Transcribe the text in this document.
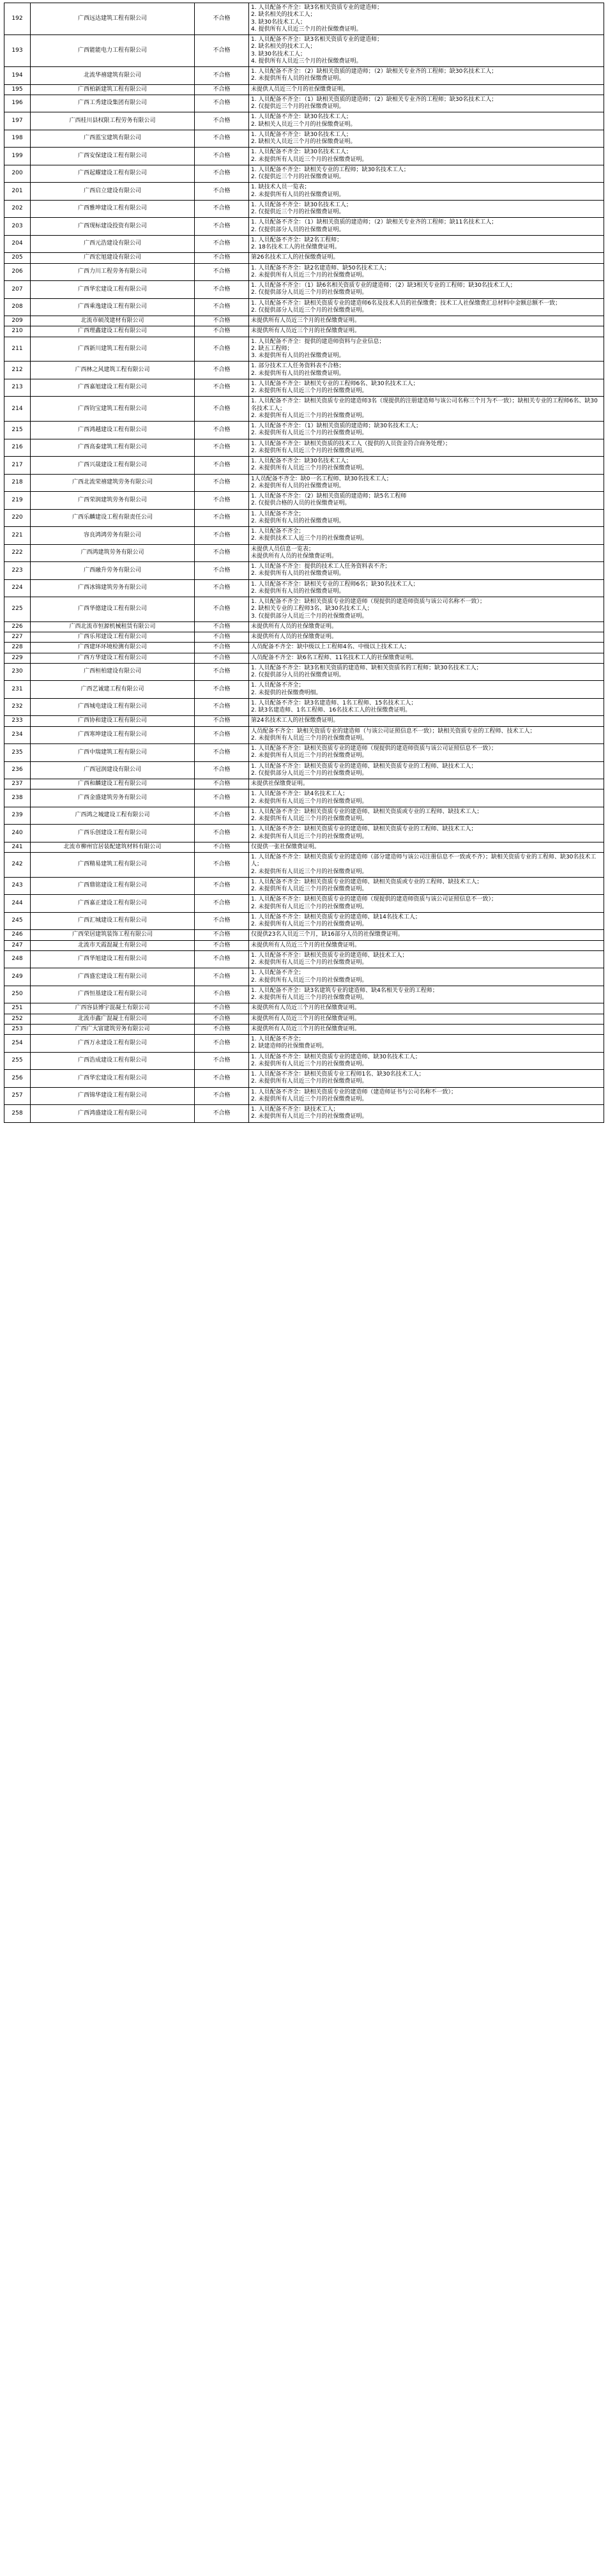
192	广西远达建筑工程有限公司	不合格	1. 人员配备不齐全：缺3名相关资质专业的建造师；
2. 缺名相关的技术工人；
3. 缺30名技术工人；
4. 提供所有人员近三个月的社保缴费证明。

193	广西能能电力工程有限公司	不合格	1. 人员配备不齐全：缺3名相关资质专业的建造师；
2. 缺名相关的技术工人；
3. 缺30名技术工人；
4. 提供所有人员近三个月的社保缴费证明。

194	北流华禧建筑有限公司	不合格	1. 人员配备不齐全：（2）缺相关资质的建造师；（2）缺相关专业齐的工程师；缺30名技术工人；
2. 未提供所有人员的社保缴费证明。

195	广西柏新建筑工程有限公司	不合格	未提供人员近三个月的社保缴费证明。

196	广西工秀建设集团有限公司	不合格	1. 人员配备不齐全：（1）缺相关资质的建造师；（2）缺相关专业齐的工程师；缺30名技术工人；
2. 仅提供近三个月的社保缴费证明。

197	广西桂川县权限工程劳务有限公司	不合格	1. 人员配备不齐全：缺30名技术工人；
2. 缺相关人员近三个月的社保缴费证明。

198	广西蓝宝建筑有限公司	不合格	1. 人员配备不齐全：缺30名技术工人；
2. 缺相关人员近三个月的社保缴费证明。

199	广西安保建设工程有限公司	不合格	1. 人员配备不齐全：缺30名技术工人；
2. 未提供所有人员近三个月的社保缴费证明。

200	广西起耀建设工程有限公司	不合格	1. 人员配备不齐全：缺相关专业的工程师；缺30名技术工人；
2. 仅提供近三个月的社保缴费证明。

201	广西启立建设有限公司	不合格	1. 缺技术人员一览表；
2. 未提供所有人员的社保缴费证明。

202	广西雅坤建设工程有限公司	不合格	1. 人员配备不齐全：缺30名技术工人；
2. 仅提供近三个月的社保缴费证明。

203	广西现标建设投资有限公司	不合格	1. 人员配备不齐全：（1）缺相关资质的建造师；（2）缺相关专业齐的工程师；缺11名技术工人；
2. 仅提供部分人员的社保缴费证明。

204	广西元浩建设有限公司	不合格	1. 人员配备不齐全：缺2名工程师；
2. 18名技术工人的社保缴费证明。

205	广西宏旭建设有限公司	不合格	第26名技术工人的社保缴费证明。

206	广西力川工程劳务有限公司	不合格	1. 人员配备不齐全：缺2名建造师、缺50名技术工人；
2. 未提供所有人员近三个月的社保缴费证明。

207	广西华宏建设工程有限公司	不合格	1. 人员配备不齐全：（1）缺6名相关资质专业的建造师；（2）缺3相关专业的工程师；缺30名技术工人；
2. 仅提供部分人员近三个月的社保缴费证明。

208	广西乘逸建设工程有限公司	不合格	1. 人员配备不齐全：缺相关资质专业的建造师6名及技术人员的社保缴费；技术工人社保缴费汇总材料中金额总额不一致；
2. 仅提供部分人员近三个月的社保缴费证明。

209	北流市硕茂建材有限公司	不合格	未提供所有人员近三个月的社保缴费证明。

210	广西理鑫建设工程有限公司	不合格	未提供所有人员近三个月的社保缴费证明。

211	广西新川建筑工程有限公司	不合格	1. 人员配备不齐全：提供的建造师资料与企业信息；
2. 缺五工程师；
3. 未提供所有人员的社保缴费证明。

212	广西林之风建筑工程有限公司	不合格	1. 部分技术工人任务资料表不合格；
2. 未提供所有人员的社保缴费证明。

213	广西嘉旭建设工程有限公司	不合格	1. 人员配备不齐全：缺相关专业的工程师6名、缺30名技术工人；
2. 未提供所有人员近三个月的社保缴费证明。

214	广西钧宝建筑工程有限公司	不合格	1. 人员配备不齐全：缺相关资质专业的建造师3名（现提供的注册建造师与该公司名称三个月为不一致）；缺相关专业的工程师6名、缺30名技术工人；
2. 未提供所有人员近三个月的社保缴费证明。

215	广西鸿越建设工程有限公司	不合格	1. 人员配备不齐全：（1）缺相关资质的建造师；缺30名技术工人；
2. 未提供所有人员近三个月的社保缴费证明。

216	广西高泰建筑工程有限公司	不合格	1. 人员配备不齐全：缺相关资质的技术工人（提供的人员资金符合商务处理）；
2. 未提供所有人员近三个月的社保缴费证明。

217	广西兴晟建设工程有限公司	不合格	1. 人员配备不齐全：缺30名技术工人；
2. 未提供所有人员近三个月的社保缴费证明。

218	广西北流荣禧建筑劳务有限公司	不合格	1人员配备不齐全：缺0一名工程师、缺30名技术工人；
2. 未提供所有人员的社保缴费证明。

219	广西荣润建筑劳务有限公司	不合格	1. 人员配备不齐全：（2）缺相关资质的建造师；缺5名工程师
2. 仅提供合格的人员的社保缴费证明。

220	广西乐麟建设工程有限责任公司	不合格	1. 人员配备不齐全；
2. 未提供所有人员的社保缴费证明。

221	容良鸿鸿劳务有限公司	不合格	1. 人员配备不齐全；
2. 未提供技术工人近三个月的社保缴费证明。

222	广西鸿建筑劳务有限公司	不合格	未提供人员信息一览表；
未提供所有人员的社保缴费证明。

223	广西融升劳务有限公司	不合格	1. 人员配备不齐全：提供的技术工人任务资料表不齐；
2. 未提供所有人员的社保缴费证明。

224	广西冰锦建筑劳务有限公司	不合格	1. 人员配备不齐全：缺相关专业的工程师6名；缺30名技术工人；
2. 未提供所有人员的社保缴费证明。

225	广西华德建设工程有限公司	不合格	1. 人员配备不齐全：缺相关资质专业的建造师（现提供的建造师资质与该公司名称不一致）；
2. 缺相关专业的工程师3名、缺30名技术工人；
3. 仅提供部分人员近三个月的社保缴费证明。

226	广西北流市恒源机械租赁有限公司	不合格	未提供所有人员的社保缴费证明。

227	广西乐邦建设工程有限公司	不合格	未提供所有人员的社保缴费证明。

228	广西建环环境检测有限公司	不合格	人员配备不齐全：缺中级以上工程师4名、中级以上技术工人；

229	广西方华建设工程有限公司	不合格	人员配备不齐全：缺6名工程师、11名技术工人的社保缴费证明。

230	广西桓柏建设有限公司	不合格	1. 人员配备不齐全：缺3名相关资质的建造师、缺相关资质名的工程师；缺30名技术工人；
2. 仅提供部分人员的社保缴费证明。

231	广西艺诚建工程有限公司	不合格	1. 人员配备不齐全；
2. 未提供的社保缴费明细。

232	广西城电建设工程有限公司	不合格	1. 人员配备不齐全：缺3名建造师、1名工程师、15名技术工人；
2. 缺3名建造师、1名工程师、16名技术工人的社保缴费证明。

233	广西协和建设工程有限公司	不合格	第24名技术工人的社保缴费证明。

234	广西寒坤建设工程有限公司	不合格	人员配备不齐全：缺相关资质专业的建造师（与该公司证照信息不一致）；缺相关资质专业的工程师、技术工人；
2. 未提供所有人员近三个月的社保缴费证明。

235	广西中瑞建筑工程有限公司	不合格	1. 人员配备不齐全：缺相关资质专业的建造师（现提供的建造师资质与该公司证照信息不一致）；
2. 未提供所有人员近三个月的社保缴费证明。

236	广西冠润建设有限公司	不合格	1. 人员配备不齐全：缺相关资质专业的建造师、缺相关资质专业的工程师、缺技术工人；
2. 仅提供部分人员近三个月的社保缴费证明。

237	广西和麟建设工程有限公司	不合格	未提供社保缴费证明。

238	广西金盛建筑劳务有限公司	不合格	1. 人员配备不齐全：缺4名技术工人；
2. 未提供所有人员近三个月的社保缴费证明。

239	广西鸿之城建设工程有限公司	不合格	1. 人员配备不齐全：缺相关资质专业的建造师、缺相关资质或专业的工程师、缺技术工人；
2. 未提供所有人员近三个月的社保缴费证明。

240	广西乐创建设工程有限公司	不合格	1. 人员配备不齐全：缺相关资质专业的建造师、缺相关资质专业的工程师、缺技术工人；
2. 未提供所有人员近三个月的社保缴费证明。

241	北流市柳州官居装配建筑材料有限公司	不合格	仅提供一张社保缴费证明。

242	广西精易建筑工程有限公司	不合格	1. 人员配备不齐全：缺相关资质专业的建造师（部分建造师与该公司注册信息不一致或不齐）；缺相关资质专业的工程师、缺30名技术工人；
2. 未提供所有人员近三个月的社保缴费证明。

243	广西鼎铭建设工程有限公司	不合格	1. 人员配备不齐全：缺相关资质专业的建造师、缺相关资质或专业的工程师、缺技术工人；
2. 未提供所有人员近三个月的社保缴费证明。

244	广西嘉正建设工程有限公司	不合格	1. 人员配备不齐全：缺相关资质专业的建造师（现提供的建造师资质与该公司证照信息不一致）；
2. 未提供所有人员近三个月的社保缴费证明。

245	广西汇城建设工程有限公司	不合格	1. 人员配备不齐全：缺相关资质专业的建造师、缺14名技术工人；
2. 未提供所有人员近三个月的社保缴费证明。

246	广西荣居建筑装饰工程有限公司	不合格	仅提供23名人员近三个月，缺16部分人员的社保缴费证明。

247	北流市天霞混凝土有限公司	不合格	未提供所有人员近三个月的社保缴费证明。

248	广西华旭建设工程有限公司	不合格	1. 人员配备不齐全：缺相关资质专业的建造师、缺技术工人；
2. 未提供所有人员近三个月的社保缴费证明。

249	广西盛宏建设工程有限公司	不合格	1. 人员配备不齐全；
2. 未提供所有人员近三个月的社保缴费证明。

250	广西恒基建设工程有限公司	不合格	1. 人员配备不齐全：缺3名建筑专业的建造师、缺4名相关专业的工程师；
2. 未提供所有人员近三个月的社保缴费证明。

251	广西容县博宇混凝土有限公司	不合格	未提供所有人员近三个月的社保缴费证明。

252	北流市鑫广混凝土有限公司	不合格	未提供所有人员近三个月的社保缴费证明。

253	广西广大富建筑劳务有限公司	不合格	未提供所有人员近三个月的社保缴费证明。

254	广西万永建设工程有限公司	不合格	1. 人员配备不齐全；
2. 缺建造师的社保缴费证明。

255	广西浩成建设工程有限公司	不合格	1. 人员配备不齐全：缺相关资质专业的建造师、缺30名技术工人；
2. 未提供所有人员近三个月的社保缴费证明。

256	广西华宏建设工程有限公司	不合格	1. 人员配备不齐全：缺相关资质专业工程师1名、缺30名技术工人；
2. 未提供所有人员近三个月的社保缴费证明。

257	广西锦华建设工程有限公司	不合格	1. 人员配备不齐全：缺相关资质专业的建造师（建造师证书与公司名称不一致）；
2. 未提供所有人员近三个月的社保缴费证明。

258	广西鸿盛建设工程有限公司	不合格	1. 人员配备不齐全：缺技术工人；
2. 未提供所有人员近三个月的社保缴费证明。
